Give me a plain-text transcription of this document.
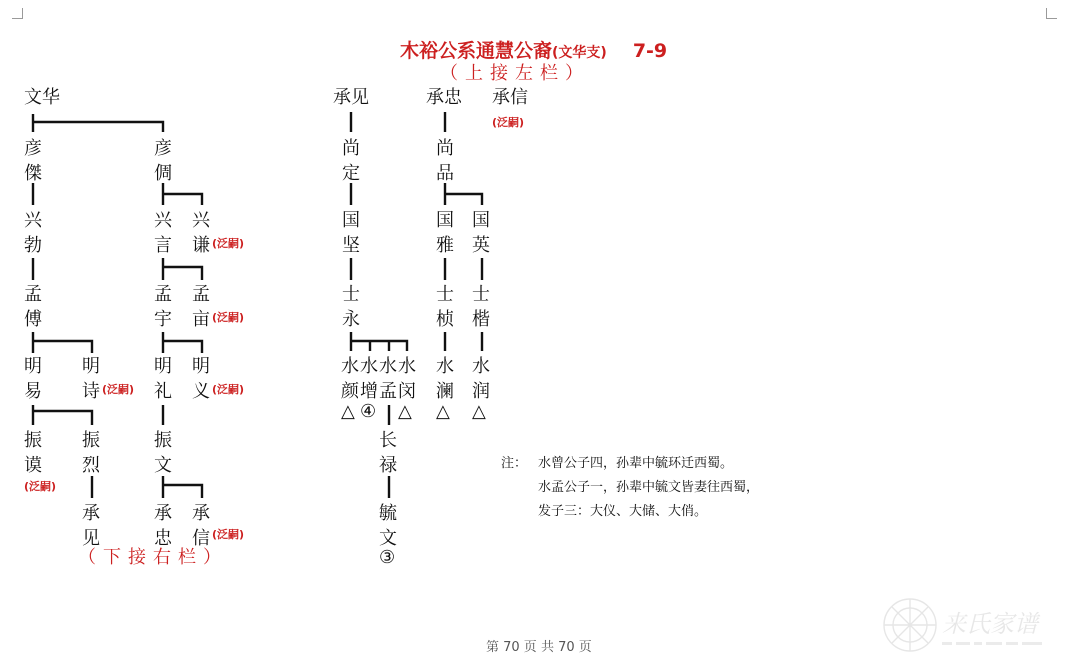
木裕公系通慧公裔(文华支) 7-9
（上接左栏）
文华
彦傑
彦倜
兴勃
兴言
兴谦 (泛嗣)
孟傅
孟宇
孟亩 (泛嗣)
明易
明诗 (泛嗣)
明礼
明义 (泛嗣)
振谟
(泛嗣)
振烈
振文
承见
承忠
承信 (泛嗣)
（下接右栏）
承见	承忠 承信
(泛嗣)
尚定
尚品
国坚
国雅
国英
士永
士桢
士楷
水颜
水增
水孟
水闵
水澜
水润
△ ④ △ △ △
长禄
毓文
③
注： 水曾公子四，孙辈中毓环迁西蜀。
水孟公子一，孙辈中毓文皆妻往西蜀，
发子三：大仪、大储、大俏。
第 70 页 共 70 页
来氏家谱
